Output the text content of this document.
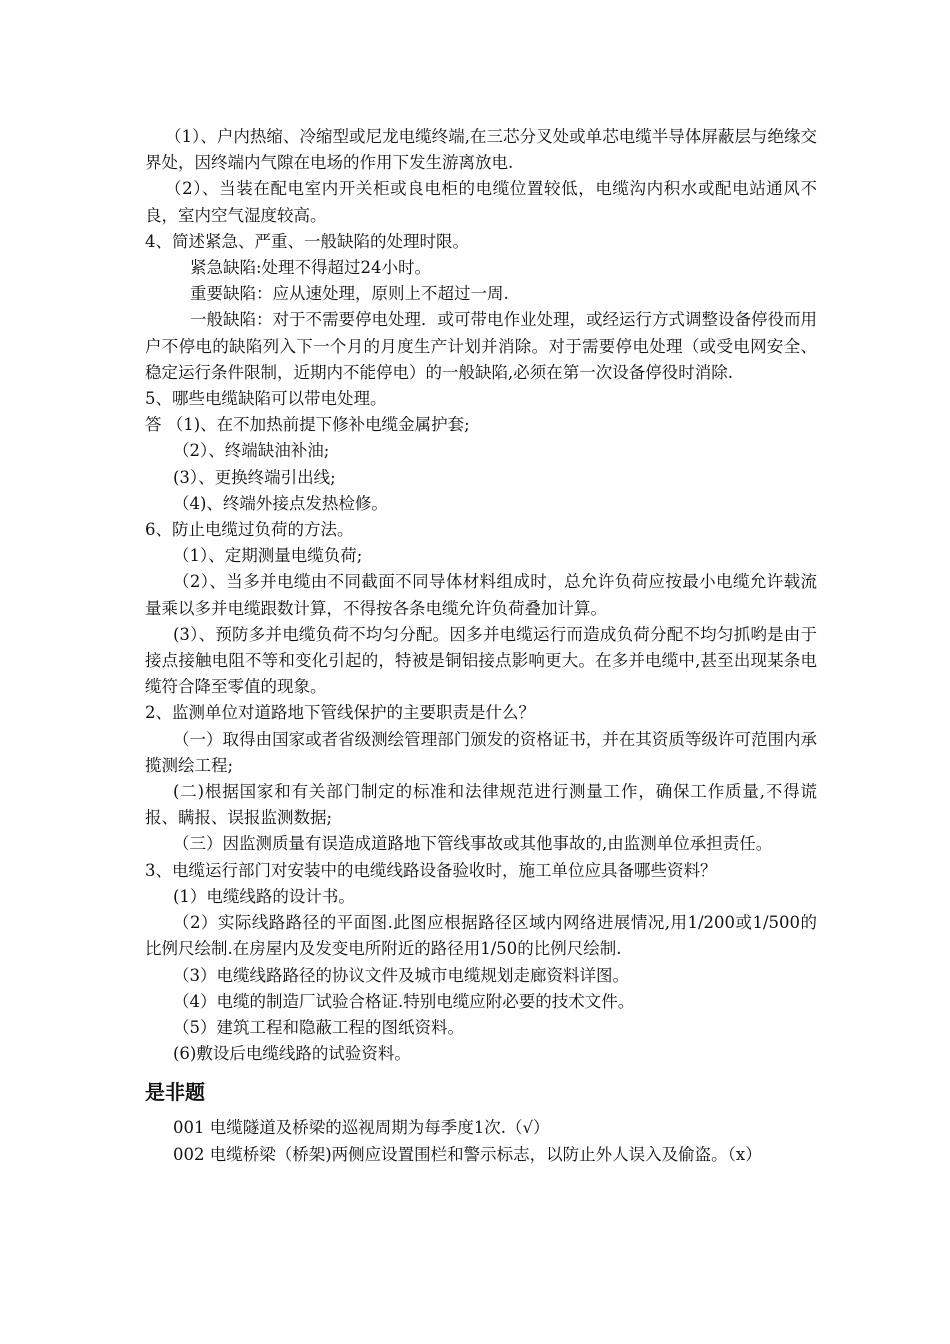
（1）、户内热缩、冷缩型或尼龙电缆终端,在三芯分叉处或单芯电缆半导体屏蔽层与绝缘交界处，因终端内气隙在电场的作用下发生游离放电.

（2）、当装在配电室内开关柜或良电柜的电缆位置较低，电缆沟内积水或配电站通风不良，室内空气湿度较高。

4、简述紧急、严重、一般缺陷的处理时限。

紧急缺陷:处理不得超过24小时。

重要缺陷：应从速处理，原则上不超过一周.

一般缺陷：对于不需要停电处理．或可带电作业处理，或经运行方式调整设备停役而用户不停电的缺陷列入下一个月的月度生产计划并消除。对于需要停电处理（或受电网安全、稳定运行条件限制，近期内不能停电）的一般缺陷,必须在第一次设备停役时消除.

5、哪些电缆缺陷可以带电处理。

答 （1)、在不加热前提下修补电缆金属护套;

（2）、终端缺油补油;

(3）、更换终端引出线;

（4)、终端外接点发热检修。

6、防止电缆过负荷的方法。

（1）、定期测量电缆负荷;

（2）、当多并电缆由不同截面不同导体材料组成时，总允许负荷应按最小电缆允许载流量乘以多并电缆跟数计算，不得按各条电缆允许负荷叠加计算。

(3）、预防多并电缆负荷不均匀分配。因多并电缆运行而造成负荷分配不均匀抓哟是由于接点接触电阻不等和变化引起的，特被是铜铝接点影响更大。在多并电缆中,甚至出现某条电缆符合降至零值的现象。

2、监测单位对道路地下管线保护的主要职责是什么？

（一）取得由国家或者省级测绘管理部门颁发的资格证书，并在其资质等级许可范围内承揽测绘工程;

(二)根据国家和有关部门制定的标准和法律规范进行测量工作，确保工作质量,不得谎报、瞒报、误报监测数据;

（三）因监测质量有误造成道路地下管线事故或其他事故的,由监测单位承担责任。

3、电缆运行部门对安装中的电缆线路设备验收时，施工单位应具备哪些资料？

(1）电缆线路的设计书。

（2）实际线路路径的平面图.此图应根据路径区域内网络进展情况,用1/200或1/500的比例尺绘制.在房屋内及发变电所附近的路径用1/50的比例尺绘制.

（3）电缆线路路径的协议文件及城市电缆规划走廊资料详图。

（4）电缆的制造厂试验合格证.特别电缆应附必要的技术文件。

（5）建筑工程和隐蔽工程的图纸资料。

(6)敷设后电缆线路的试验资料。

是非题

001 电缆隧道及桥梁的巡视周期为每季度1次.（√）

002 电缆桥梁（桥架)两侧应设置围栏和警示标志，以防止外人误入及偷盗。（x）
